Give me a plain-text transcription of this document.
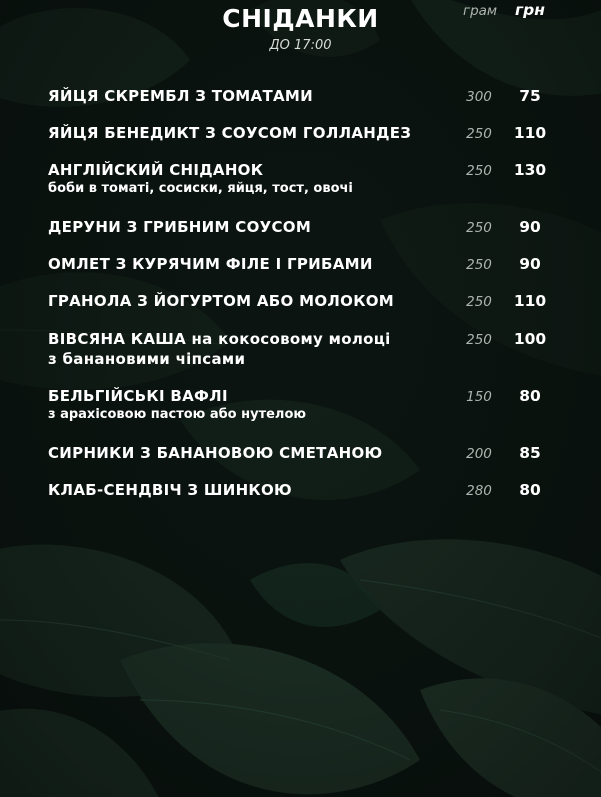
СНІДАНКИ
ДО 17:00
грам грн
ЯЙЦЯ СКРЕМБЛ З ТОМАТАМИ	300	75
ЯЙЦЯ БЕНЕДИКТ З СОУСОМ ГОЛЛАНДЕЗ	250	110
АНГЛІЙСКИЙ СНІДАНОК
боби в томаті, сосиски, яйця, тост, овочі
250	130
ДЕРУНИ З ГРИБНИМ СОУСОМ	250	90
ОМЛЕТ З КУРЯЧИМ ФІЛЕ І ГРИБАМИ	250	90
ГРАНОЛА З ЙОГУРТОМ АБО МОЛОКОМ	250	110
ВІВСЯНА КАША на кокосовому молоці
з банановими чіпсами
250	100
БЕЛЬГІЙСЬКІ ВАФЛІ
з арахісовою пастою або нутелою
150	80
СИРНИКИ З БАНАНОВОЮ СМЕТАНОЮ	200	85
КЛАБ-СЕНДВІЧ З ШИНКОЮ	280	80
